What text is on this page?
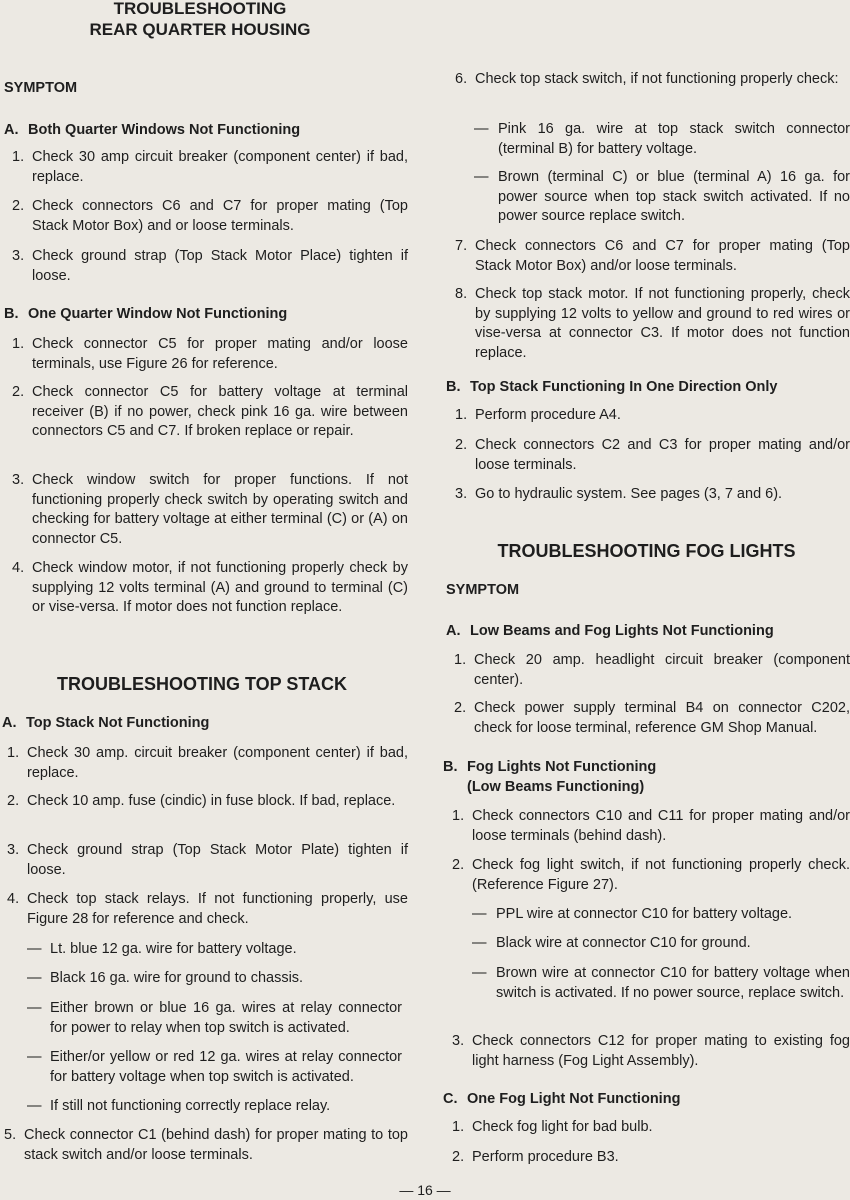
TROUBLESHOOTING
REAR QUARTER HOUSING
SYMPTOM
A. Both Quarter Windows Not Functioning
1. Check 30 amp circuit breaker (component center) if bad, replace.
2. Check connectors C6 and C7 for proper mating (Top Stack Motor Box) and or loose terminals.
3. Check ground strap (Top Stack Motor Place) tighten if loose.
B. One Quarter Window Not Functioning
1. Check connector C5 for proper mating and/or loose terminals, use Figure 26 for reference.
2. Check connector C5 for battery voltage at terminal receiver (B) if no power, check pink 16 ga. wire between connectors C5 and C7. If broken replace or repair.
3. Check window switch for proper functions. If not functioning properly check switch by operating switch and checking for battery voltage at either terminal (C) or (A) on connector C5.
4. Check window motor, if not functioning properly check by supplying 12 volts terminal (A) and ground to terminal (C) or vise-versa. If motor does not function replace.
TROUBLESHOOTING TOP STACK
A. Top Stack Not Functioning
1. Check 30 amp. circuit breaker (component center) if bad, replace.
2. Check 10 amp. fuse (cindic) in fuse block. If bad, replace.
3. Check ground strap (Top Stack Motor Plate) tighten if loose.
4. Check top stack relays. If not functioning properly, use Figure 28 for reference and check.
— Lt. blue 12 ga. wire for battery voltage.
— Black 16 ga. wire for ground to chassis.
— Either brown or blue 16 ga. wires at relay connector for power to relay when top switch is activated.
— Either/or yellow or red 12 ga. wires at relay connector for battery voltage when top switch is activated.
— If still not functioning correctly replace relay.
5. Check connector C1 (behind dash) for proper mating to top stack switch and/or loose terminals.
6. Check top stack switch, if not functioning properly check:
— Pink 16 ga. wire at top stack switch connector (terminal B) for battery voltage.
— Brown (terminal C) or blue (terminal A) 16 ga. for power source when top stack switch activated. If no power source replace switch.
7. Check connectors C6 and C7 for proper mating (Top Stack Motor Box) and/or loose terminals.
8. Check top stack motor. If not functioning properly, check by supplying 12 volts to yellow and ground to red wires or vise-versa at connector C3. If motor does not function replace.
B. Top Stack Functioning In One Direction Only
1. Perform procedure A4.
2. Check connectors C2 and C3 for proper mating and/or loose terminals.
3. Go to hydraulic system. See pages (3, 7 and 6).
TROUBLESHOOTING FOG LIGHTS
SYMPTOM
A. Low Beams and Fog Lights Not Functioning
1. Check 20 amp. headlight circuit breaker (component center).
2. Check power supply terminal B4 on connector C202, check for loose terminal, reference GM Shop Manual.
B. Fog Lights Not Functioning
(Low Beams Functioning)
1. Check connectors C10 and C11 for proper mating and/or loose terminals (behind dash).
2. Check fog light switch, if not functioning properly check. (Reference Figure 27).
— PPL wire at connector C10 for battery voltage.
— Black wire at connector C10 for ground.
— Brown wire at connector C10 for battery voltage when switch is activated. If no power source, replace switch.
3. Check connectors C12 for proper mating to existing fog light harness (Fog Light Assembly).
C. One Fog Light Not Functioning
1. Check fog light for bad bulb.
2. Perform procedure B3.
— 16 —
